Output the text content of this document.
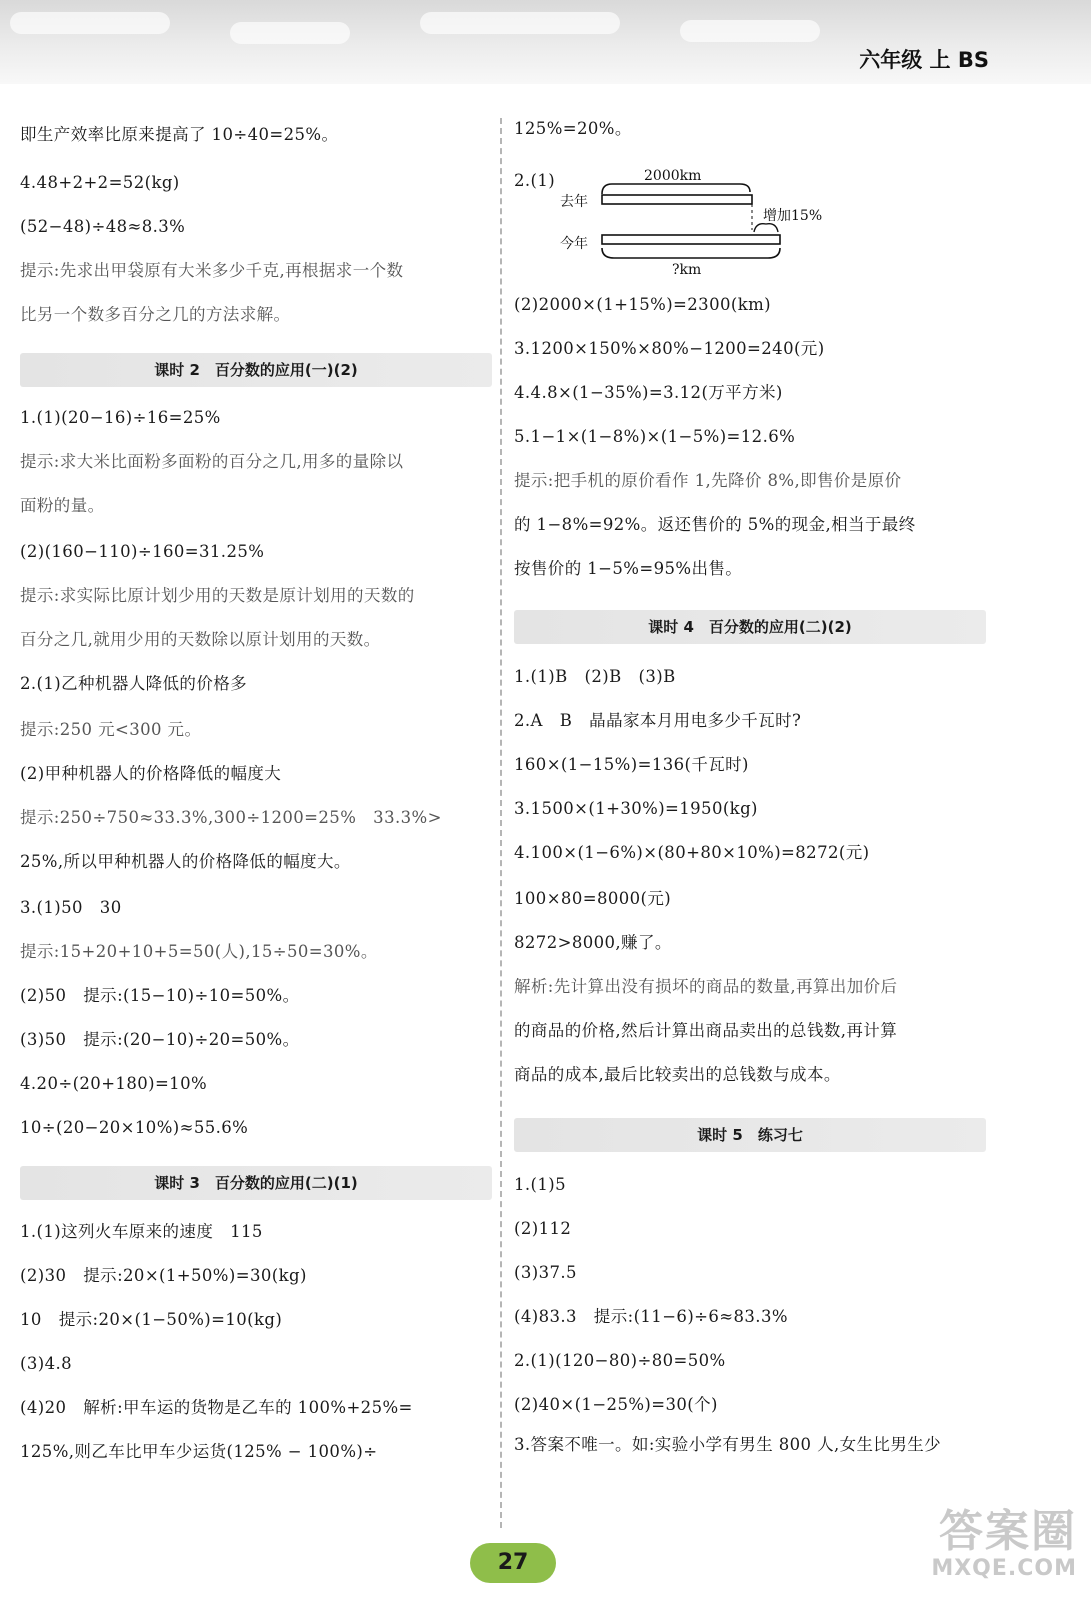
六年级 上 BS
即生产效率比原来提高了 10÷40=25%。
4.48+2+2=52(kg)
(52−48)÷48≈8.3%
提示:先求出甲袋原有大米多少千克,再根据求一个数
比另一个数多百分之几的方法求解。
课时 2　百分数的应用(一)(2)
1.(1)(20−16)÷16=25%
提示:求大米比面粉多面粉的百分之几,用多的量除以
面粉的量。
(2)(160−110)÷160=31.25%
提示:求实际比原计划少用的天数是原计划用的天数的
百分之几,就用少用的天数除以原计划用的天数。
2.(1)乙种机器人降低的价格多
提示:250 元<300 元。
(2)甲种机器人的价格降低的幅度大
提示:250÷750≈33.3%,300÷1200=25%　33.3%>
25%,所以甲种机器人的价格降低的幅度大。
3.(1)50　30
提示:15+20+10+5=50(人),15÷50=30%。
(2)50　提示:(15−10)÷10=50%。
(3)50　提示:(20−10)÷20=50%。
4.20÷(20+180)=10%
10÷(20−20×10%)≈55.6%
课时 3　百分数的应用(二)(1)
1.(1)这列火车原来的速度　115
(2)30　提示:20×(1+50%)=30(kg)
10　提示:20×(1−50%)=10(kg)
(3)4.8
(4)20　解析:甲车运的货物是乙车的 100%+25%=
125%,则乙车比甲车少运货(125% − 100%)÷
2000km
去年
增加15%
今年
?km
125%=20%。
2.(1)
(2)2000×(1+15%)=2300(km)
3.1200×150%×80%−1200=240(元)
4.4.8×(1−35%)=3.12(万平方米)
5.1−1×(1−8%)×(1−5%)=12.6%
提示:把手机的原价看作 1,先降价 8%,即售价是原价
的 1−8%=92%。返还售价的 5%的现金,相当于最终
按售价的 1−5%=95%出售。
课时 4　百分数的应用(二)(2)
1.(1)B　(2)B　(3)B
2.A　B　晶晶家本月用电多少千瓦时?
160×(1−15%)=136(千瓦时)
3.1500×(1+30%)=1950(kg)
4.100×(1−6%)×(80+80×10%)=8272(元)
100×80=8000(元)
8272>8000,赚了。
解析:先计算出没有损坏的商品的数量,再算出加价后
的商品的价格,然后计算出商品卖出的总钱数,再计算
商品的成本,最后比较卖出的总钱数与成本。
课时 5　练习七
1.(1)5
(2)112
(3)37.5
(4)83.3　提示:(11−6)÷6≈83.3%
2.(1)(120−80)÷80=50%
(2)40×(1−25%)=30(个)
3.答案不唯一。如:实验小学有男生 800 人,女生比男生少
27
答案圈
MXQE.COM
